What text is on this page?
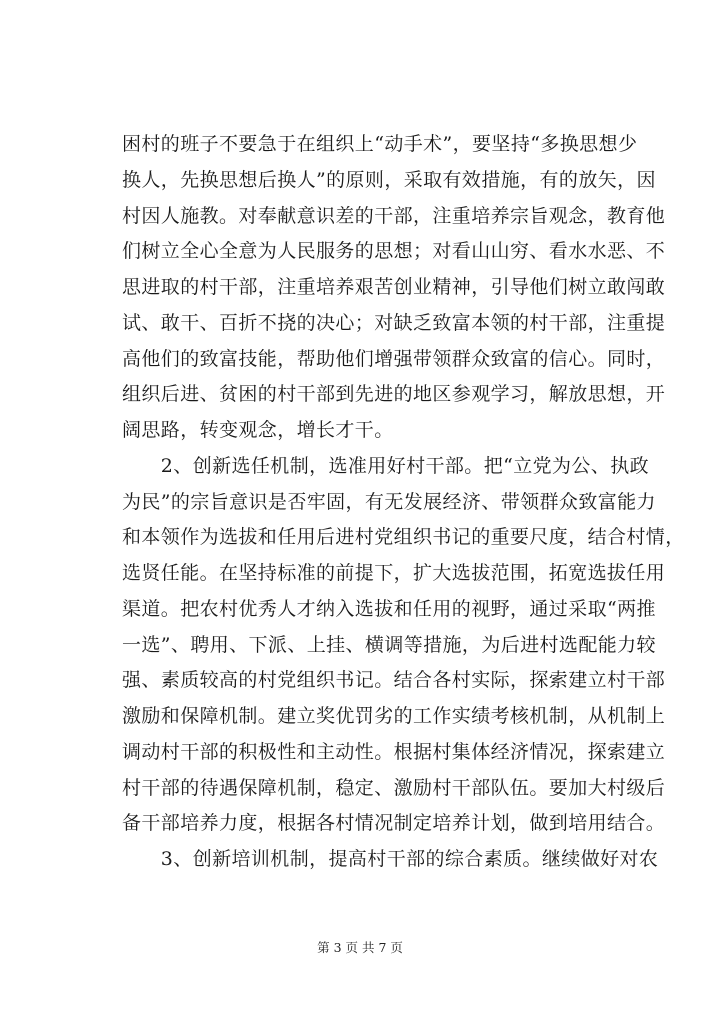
困村的班子不要急于在组织上“动手术”，要坚持“多换思想少
换人，先换思想后换人”的原则，采取有效措施，有的放矢，因
村因人施教。对奉献意识差的干部，注重培养宗旨观念，教育他
们树立全心全意为人民服务的思想；对看山山穷、看水水恶、不
思进取的村干部，注重培养艰苦创业精神，引导他们树立敢闯敢
试、敢干、百折不挠的决心；对缺乏致富本领的村干部，注重提
高他们的致富技能，帮助他们增强带领群众致富的信心。同时，
组织后进、贫困的村干部到先进的地区参观学习，解放思想，开
阔思路，转变观念，增长才干。
　　2、创新选任机制，选准用好村干部。把“立党为公、执政
为民”的宗旨意识是否牢固，有无发展经济、带领群众致富能力
和本领作为选拔和任用后进村党组织书记的重要尺度，结合村情，
选贤任能。在坚持标准的前提下，扩大选拔范围，拓宽选拔任用
渠道。把农村优秀人才纳入选拔和任用的视野，通过采取“两推
一选”、聘用、下派、上挂、横调等措施，为后进村选配能力较
强、素质较高的村党组织书记。结合各村实际，探索建立村干部
激励和保障机制。建立奖优罚劣的工作实绩考核机制，从机制上
调动村干部的积极性和主动性。根据村集体经济情况，探索建立
村干部的待遇保障机制，稳定、激励村干部队伍。要加大村级后
备干部培养力度，根据各村情况制定培养计划，做到培用结合。
　　3、创新培训机制，提高村干部的综合素质。继续做好对农
第 3 页 共 7 页
